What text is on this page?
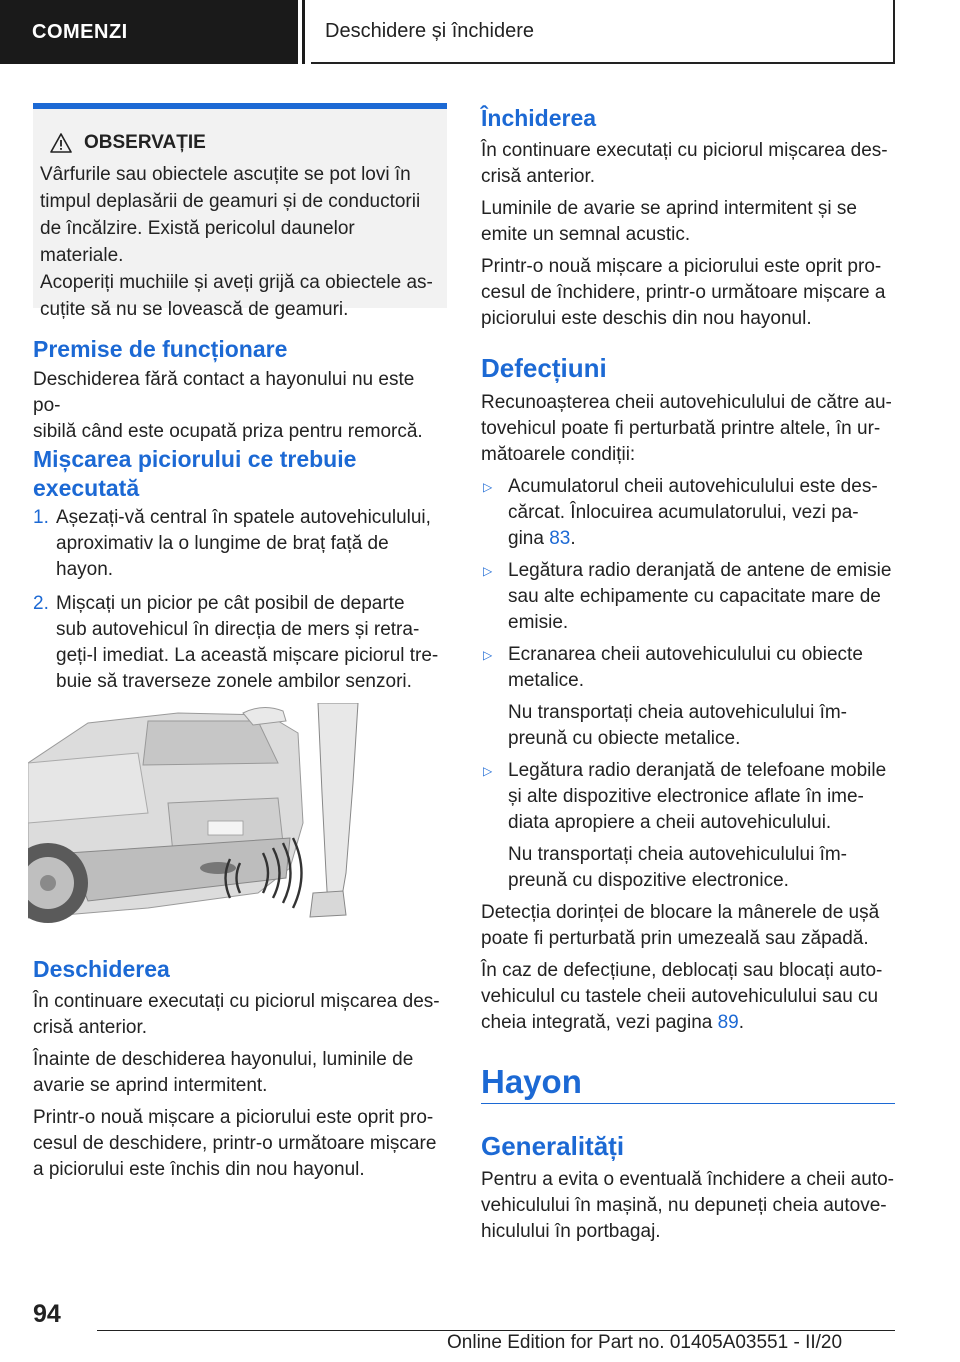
COMENZI	Deschidere și închidere
OBSERVAȚIE

Vârfurile sau obiectele ascuțite se pot lovi în
timpul deplasării de geamuri și de conductorii
de încălzire. Există pericolul daunelor materiale.
Acoperiți muchiile și aveți grijă ca obiectele as-
cuțite să nu se lovească de geamuri.

Premise de funcționare

Deschiderea fără contact a hayonului nu este po-
sibilă când este ocupată priza pentru remorcă.

Mișcarea piciorului ce trebuie
executată
1. Așezați-vă central în spatele autovehiculului,
aproximativ la o lungime de braț față de
hayon.

2. Mișcați un picior pe cât posibil de departe
sub autovehicul în direcția de mers și retra-
geți-l imediat. La această mișcare piciorul tre-
buie să traverseze zonele ambilor senzori.

Deschiderea

În continuare executați cu piciorul mișcarea des-
crisă anterior.

Înainte de deschiderea hayonului, luminile de
avarie se aprind intermitent.

Printr-o nouă mișcare a piciorului este oprit pro-
cesul de deschidere, printr-o următoare mișcare
a piciorului este închis din nou hayonul.

Închiderea

În continuare executați cu piciorul mișcarea des-
crisă anterior.

Luminile de avarie se aprind intermitent și se
emite un semnal acustic.

Printr-o nouă mișcare a piciorului este oprit pro-
cesul de închidere, printr-o următoare mișcare a
piciorului este deschis din nou hayonul.

Defecțiuni

Recunoașterea cheii autovehiculului de către au-
tovehicul poate fi perturbată printre altele, în ur-
mătoarele condiții:

▷ Acumulatorul cheii autovehiculului este des-
cărcat. Înlocuirea acumulatorului, vezi pa-
gina 83.

▷ Legătura radio deranjată de antene de emisie
sau alte echipamente cu capacitate mare de
emisie.

▷ Ecranarea cheii autovehiculului cu obiecte
metalice.

Nu transportați cheia autovehiculului îm-
preună cu obiecte metalice.

▷ Legătura radio deranjată de telefoane mobile
și alte dispozitive electronice aflate în ime-
diata apropiere a cheii autovehiculului.

Nu transportați cheia autovehiculului îm-
preună cu dispozitive electronice.

Detecția dorinței de blocare la mânerele de ușă
poate fi perturbată prin umezeală sau zăpadă.

În caz de defecțiune, deblocați sau blocați auto-
vehiculul cu tastele cheii autovehiculului sau cu
cheia integrată, vezi pagina 89.

Hayon
Generalități

Pentru a evita o eventuală închidere a cheii auto-
vehiculului în mașină, nu depuneți cheia autove-
hiculului în portbagaj.

94
Online Edition for Part no. 01405A03551 - II/20
